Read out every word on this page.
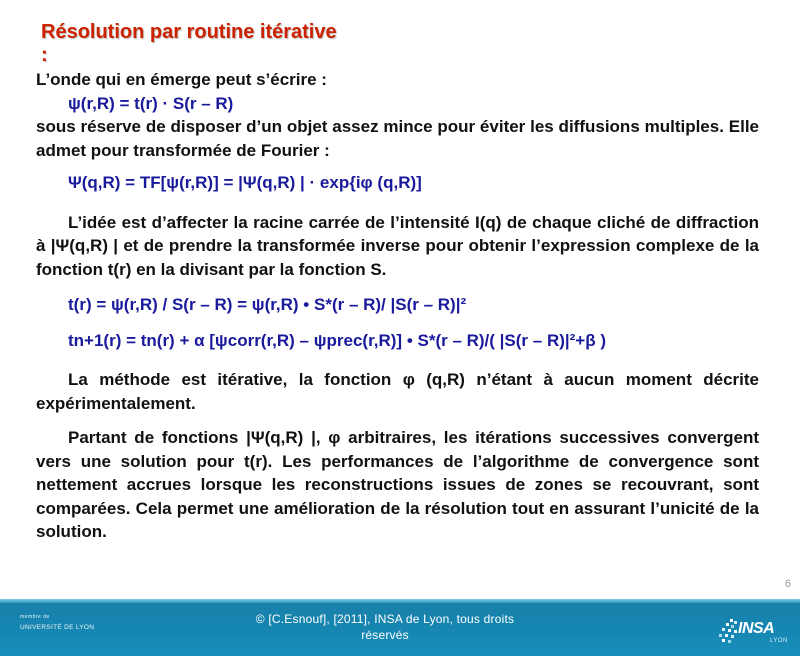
Résolution par routine itérative :

L’onde qui en émerge peut s’écrire :

ψ(r,R) = t(r) · S(r – R)

sous réserve de disposer d’un objet assez mince pour éviter les diffusions multiples. Elle admet pour transformée de Fourier :

Ψ(q,R) = TF[ψ(r,R)] = |Ψ(q,R) | · exp{iφ (q,R)]

L’idée est d’affecter la racine carrée de l’intensité I(q) de chaque cliché de diffraction à |Ψ(q,R) | et de prendre la transformée inverse pour obtenir l’expression complexe de la fonction t(r) en la divisant par la fonction S.

t(r) = ψ(r,R) / S(r – R) = ψ(r,R) • S*(r – R)/ |S(r – R)|²

tn+1(r) = tn(r) + α [ψcorr(r,R) – ψprec(r,R)] • S*(r – R)/( |S(r – R)|²+β )

La méthode est itérative, la fonction φ (q,R) n’étant à aucun moment décrite expérimentalement.

Partant de fonctions |Ψ(q,R) |, φ arbitraires, les itérations successives convergent vers une solution pour t(r). Les performances de l’algorithme de convergence sont nettement accrues lorsque les reconstructions issues de zones se recouvrant, sont comparées. Cela permet une amélioration de la résolution tout en assurant l’unicité de la solution.

6
membre de
UNIVERSITÉ DE LYON
© [C.Esnouf], [2011], INSA de Lyon, tous droits
réservés	INSA
LYON
